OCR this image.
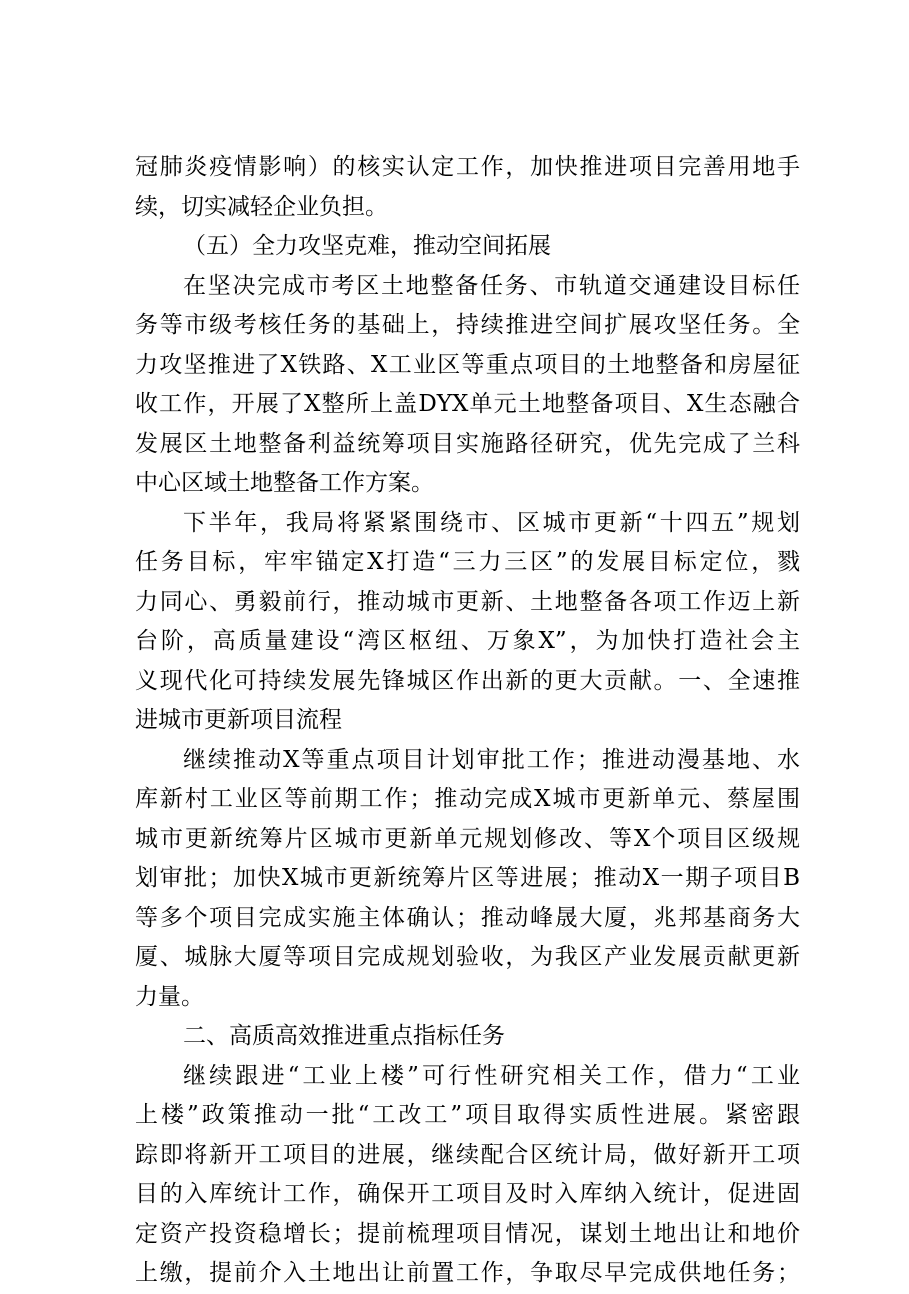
冠肺炎疫情影响）的核实认定工作，加快推进项目完善用地手
续，切实减轻企业负担。
（五）全力攻坚克难，推动空间拓展
在坚决完成市考区土地整备任务、市轨道交通建设目标任
务等市级考核任务的基础上，持续推进空间扩展攻坚任务。全
力攻坚推进了X铁路、X工业区等重点项目的土地整备和房屋征
收工作，开展了X整所上盖DYX单元土地整备项目、X生态融合
发展区土地整备利益统筹项目实施路径研究，优先完成了兰科
中心区域土地整备工作方案。
下半年，我局将紧紧围绕市、区城市更新“十四五”规划
任务目标，牢牢锚定X打造“三力三区”的发展目标定位，戮
力同心、勇毅前行，推动城市更新、土地整备各项工作迈上新
台阶，高质量建设“湾区枢纽、万象X”，为加快打造社会主
义现代化可持续发展先锋城区作出新的更大贡献。一、全速推
进城市更新项目流程
继续推动X等重点项目计划审批工作；推进动漫基地、水
库新村工业区等前期工作；推动完成X城市更新单元、蔡屋围
城市更新统筹片区城市更新单元规划修改、等X个项目区级规
划审批；加快X城市更新统筹片区等进展；推动X一期子项目B
等多个项目完成实施主体确认；推动峰晟大厦，兆邦基商务大
厦、城脉大厦等项目完成规划验收，为我区产业发展贡献更新
力量。
二、高质高效推进重点指标任务
继续跟进“工业上楼”可行性研究相关工作，借力“工业
上楼”政策推动一批“工改工”项目取得实质性进展。紧密跟
踪即将新开工项目的进展，继续配合区统计局，做好新开工项
目的入库统计工作，确保开工项目及时入库纳入统计，促进固
定资产投资稳增长；提前梳理项目情况，谋划土地出让和地价
上缴，提前介入土地出让前置工作，争取尽早完成供地任务；
